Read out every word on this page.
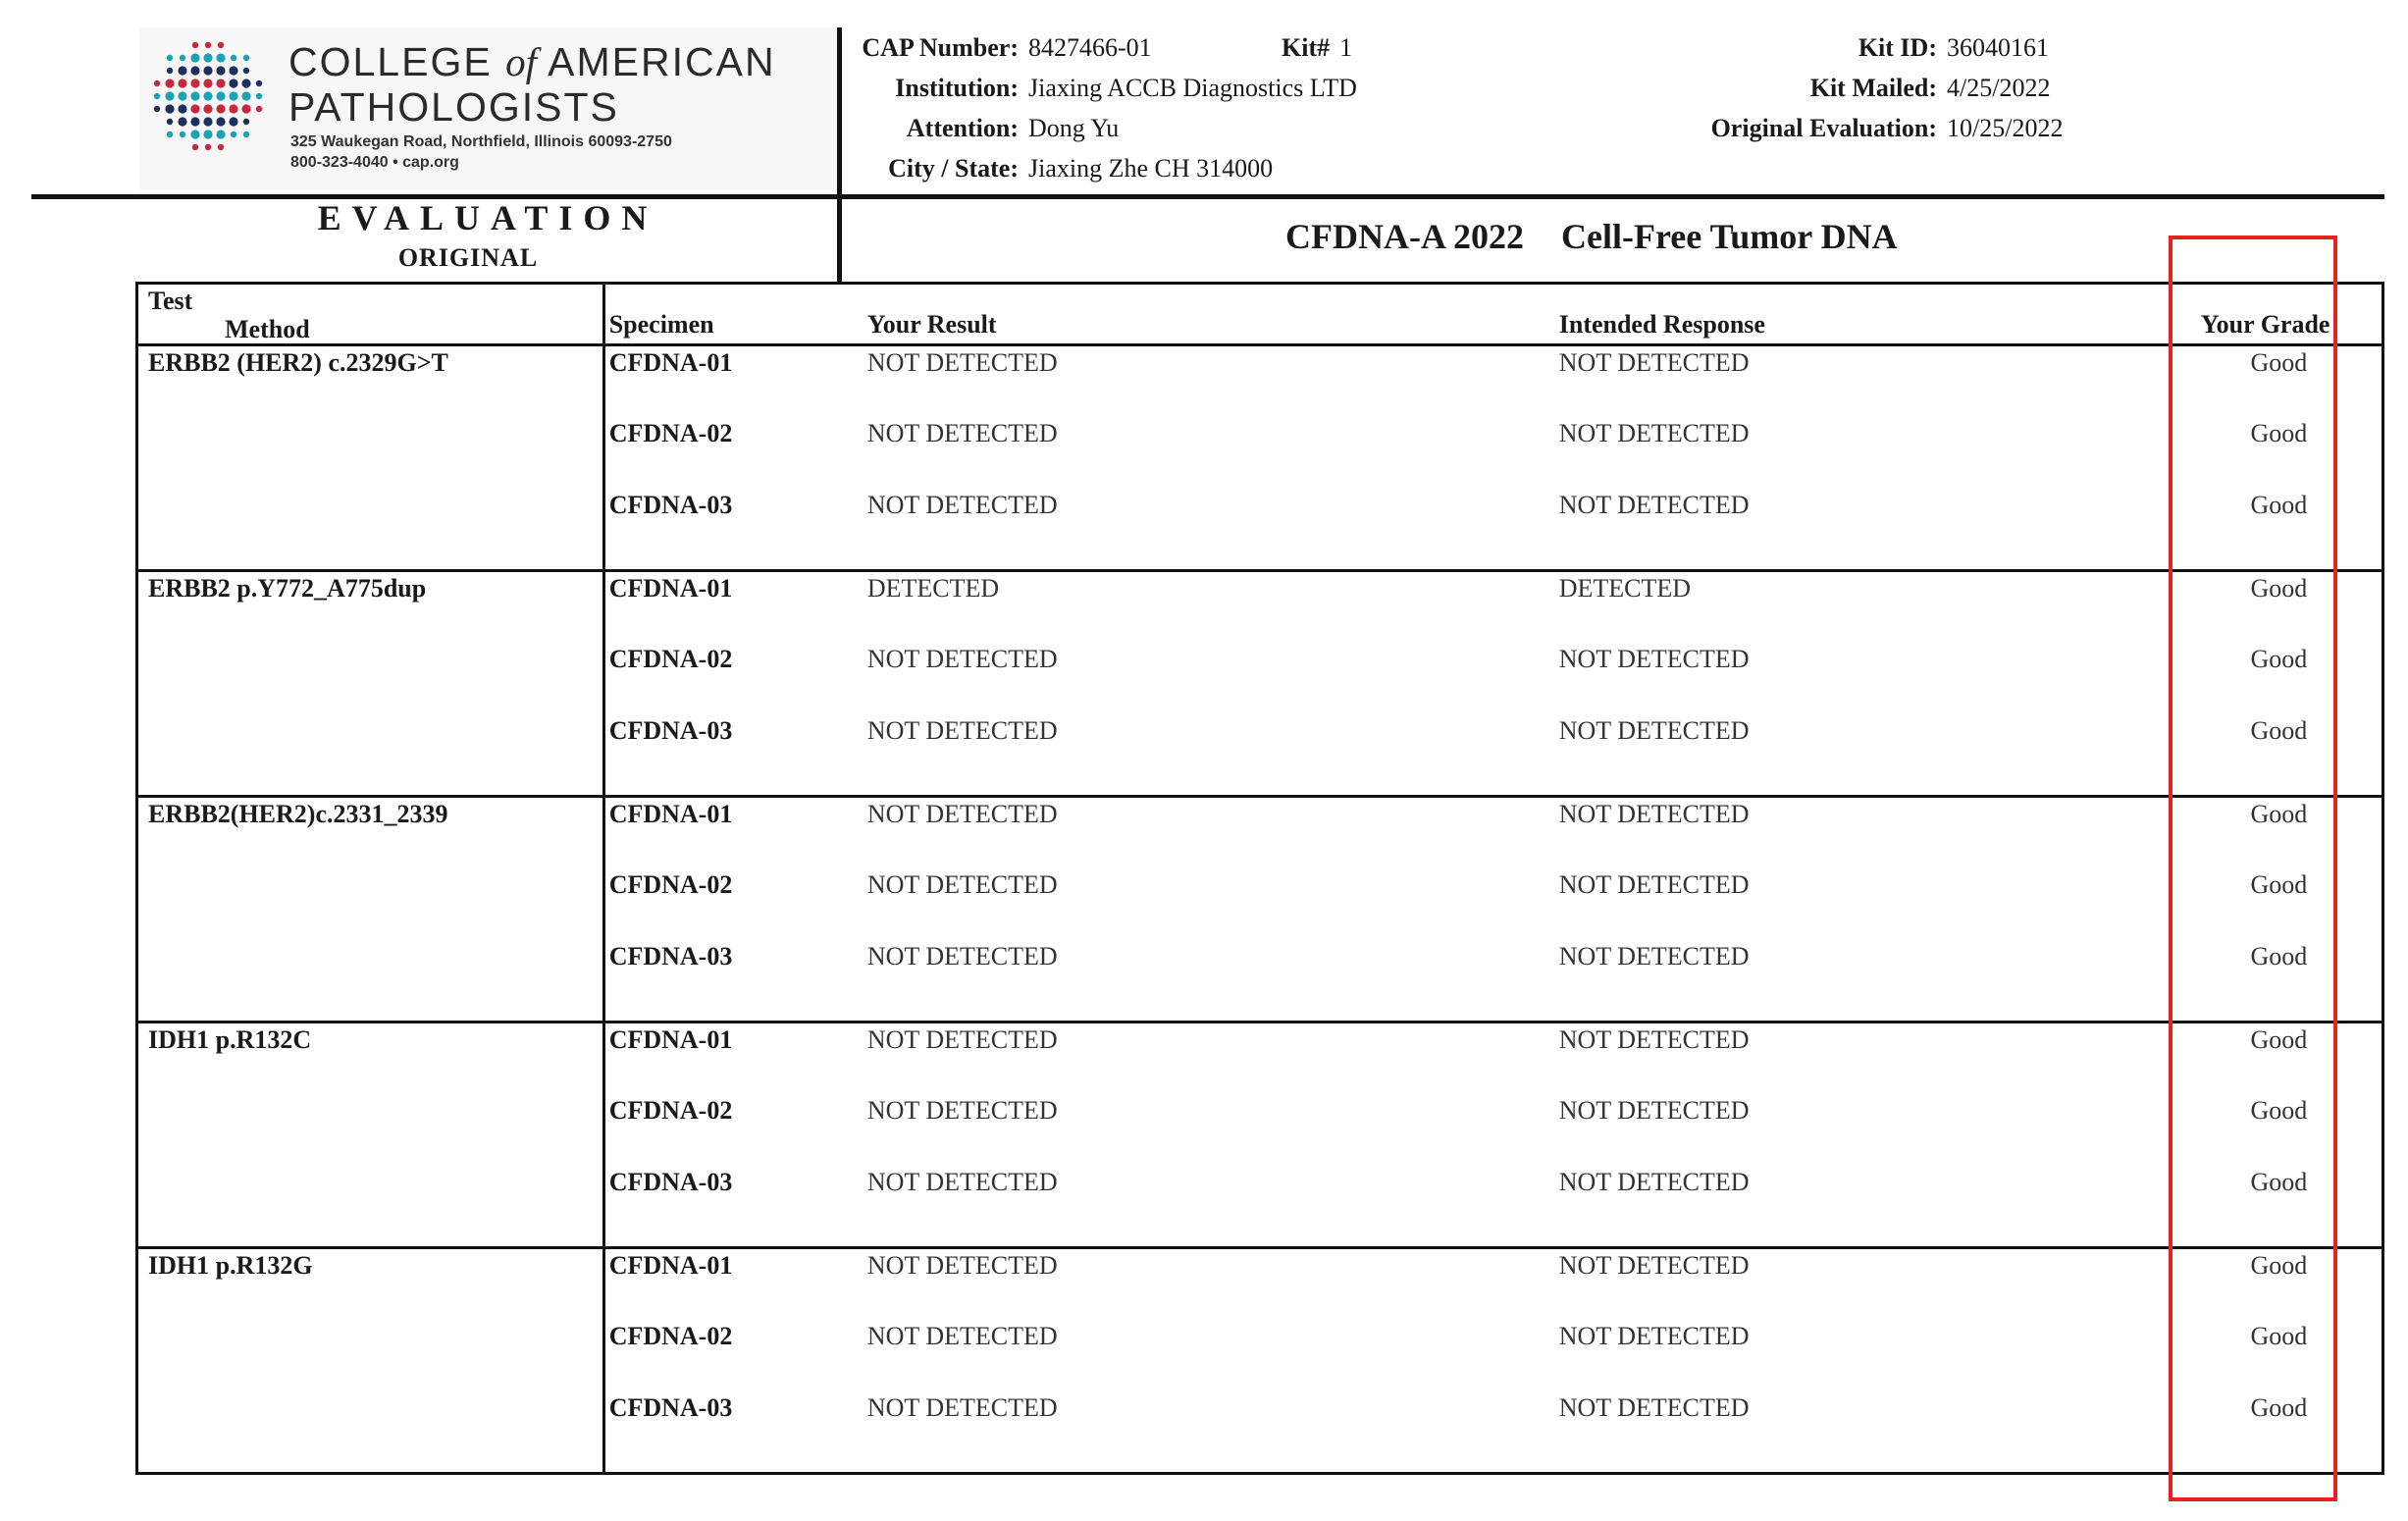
COLLEGE of AMERICAN
PATHOLOGISTS
325 Waukegan Road, Northfield, Illinois 60093-2750
800-323-4040 • cap.org
CAP Number: 8427466-01
Institution: Jiaxing ACCB Diagnostics LTD
Attention: Dong Yu
City / State: Jiaxing Zhe CH 314000
Kit# 1	Kit ID: 36040161
Kit Mailed: 4/25/2022
Original Evaluation: 10/25/2022
EVALUATION
ORIGINAL
CFDNA-A 2022 Cell-Free Tumor DNA
Test
Method	Specimen	Your Result	Intended Response	Your Grade

ERBB2 (HER2) c.2329G>T	CFDNA-01	NOT DETECTED	NOT DETECTED	Good
	CFDNA-02	NOT DETECTED	NOT DETECTED	Good
	CFDNA-03	NOT DETECTED	NOT DETECTED	Good
ERBB2 p.Y772_A775dup	CFDNA-01	DETECTED	DETECTED	Good
	CFDNA-02	NOT DETECTED	NOT DETECTED	Good
	CFDNA-03	NOT DETECTED	NOT DETECTED	Good
ERBB2(HER2)c.2331_2339	CFDNA-01	NOT DETECTED	NOT DETECTED	Good
	CFDNA-02	NOT DETECTED	NOT DETECTED	Good
	CFDNA-03	NOT DETECTED	NOT DETECTED	Good
IDH1 p.R132C	CFDNA-01	NOT DETECTED	NOT DETECTED	Good
	CFDNA-02	NOT DETECTED	NOT DETECTED	Good
	CFDNA-03	NOT DETECTED	NOT DETECTED	Good
IDH1 p.R132G	CFDNA-01	NOT DETECTED	NOT DETECTED	Good
	CFDNA-02	NOT DETECTED	NOT DETECTED	Good
	CFDNA-03	NOT DETECTED	NOT DETECTED	Good
